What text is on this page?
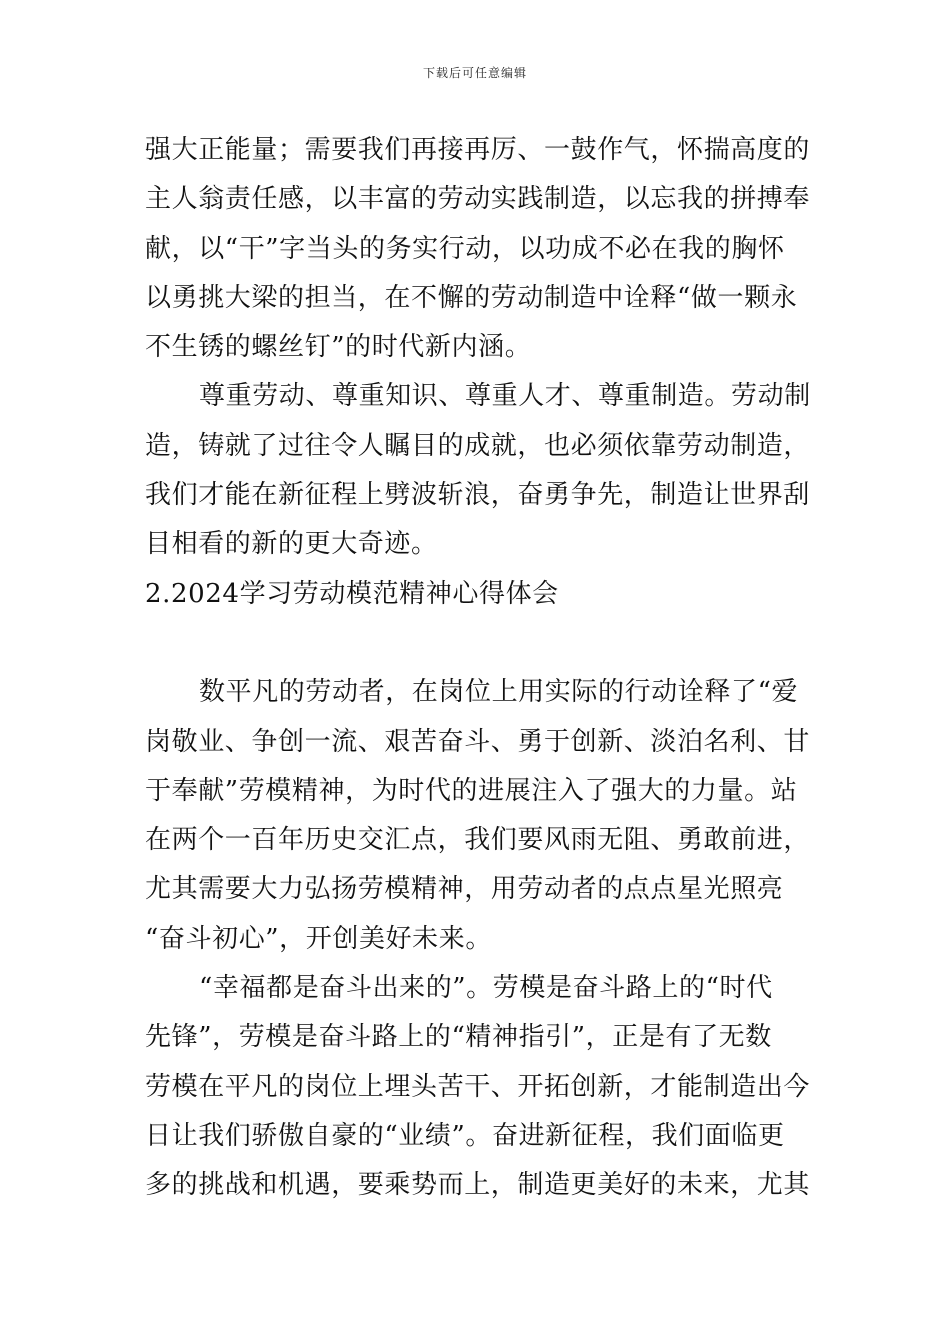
下载后可任意编辑
强大正能量；需要我们再接再厉、一鼓作气，怀揣高度的
主人翁责任感，以丰富的劳动实践制造，以忘我的拼搏奉
献，以“干”字当头的务实行动，以功成不必在我的胸怀
以勇挑大梁的担当，在不懈的劳动制造中诠释“做一颗永
不生锈的螺丝钉”的时代新内涵。
尊重劳动、尊重知识、尊重人才、尊重制造。劳动制
造，铸就了过往令人瞩目的成就，也必须依靠劳动制造，
我们才能在新征程上劈波斩浪，奋勇争先，制造让世界刮
目相看的新的更大奇迹。
2.2024学习劳动模范精神心得体会
数平凡的劳动者，在岗位上用实际的行动诠释了“爱
岗敬业、争创一流、艰苦奋斗、勇于创新、淡泊名利、甘
于奉献”劳模精神，为时代的进展注入了强大的力量。站
在两个一百年历史交汇点，我们要风雨无阻、勇敢前进，
尤其需要大力弘扬劳模精神，用劳动者的点点星光照亮
“奋斗初心”，开创美好未来。
“幸福都是奋斗出来的”。劳模是奋斗路上的“时代
先锋”，劳模是奋斗路上的“精神指引”，正是有了无数
劳模在平凡的岗位上埋头苦干、开拓创新，才能制造出今
日让我们骄傲自豪的“业绩”。奋进新征程，我们面临更
多的挑战和机遇，要乘势而上，制造更美好的未来，尤其
